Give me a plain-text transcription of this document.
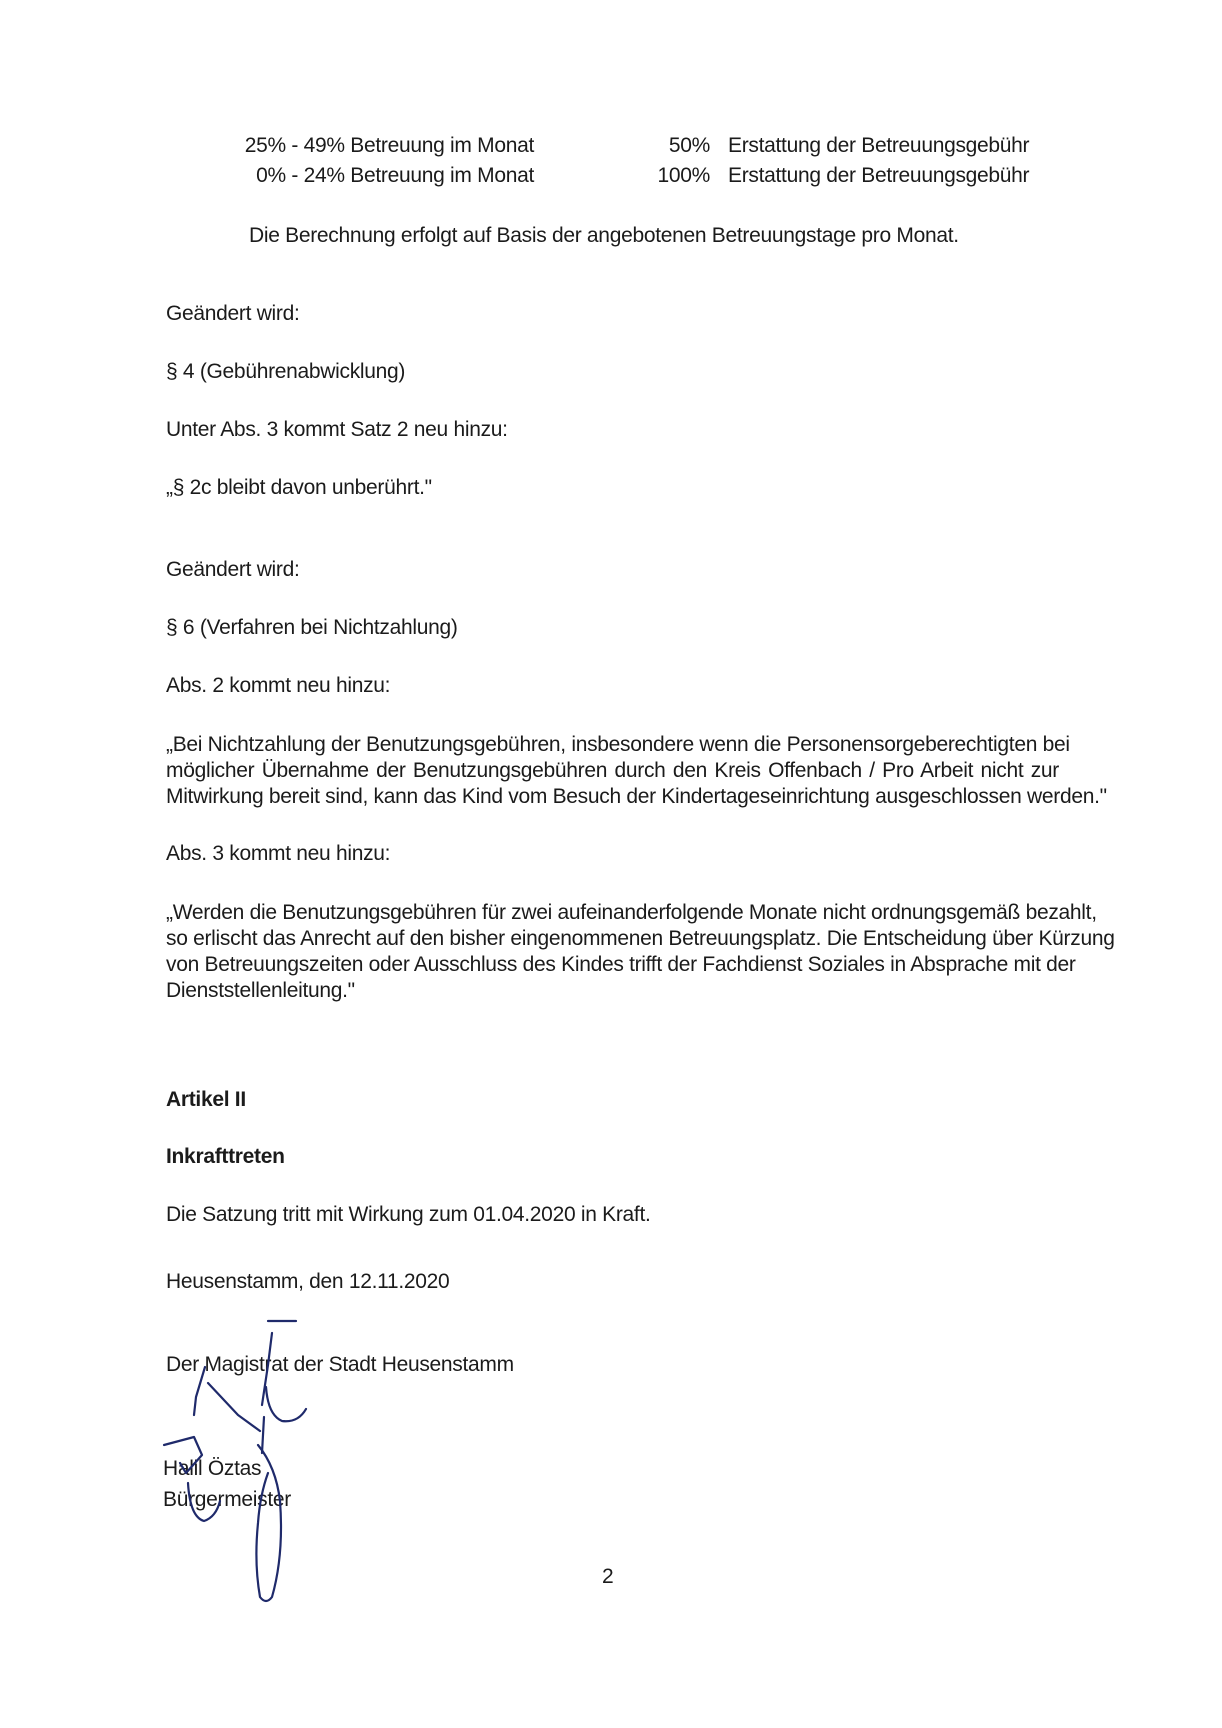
25% - 49% Betreuung im Monat	50% Erstattung der Betreuungsgebühr
0% - 24% Betreuung im Monat	100% Erstattung der Betreuungsgebühr
Die Berechnung erfolgt auf Basis der angebotenen Betreuungstage pro Monat.
Geändert wird:
§ 4 (Gebührenabwicklung)
Unter Abs. 3 kommt Satz 2 neu hinzu:
„§ 2c bleibt davon unberührt."
Geändert wird:
§ 6 (Verfahren bei Nichtzahlung)
Abs. 2 kommt neu hinzu:
„Bei Nichtzahlung der Benutzungsgebühren, insbesondere wenn die Personensorgeberechtigten bei
möglicher Übernahme der Benutzungsgebühren durch den Kreis Offenbach / Pro Arbeit nicht zur
Mitwirkung bereit sind, kann das Kind vom Besuch der Kindertageseinrichtung ausgeschlossen werden."
Abs. 3 kommt neu hinzu:
„Werden die Benutzungsgebühren für zwei aufeinanderfolgende Monate nicht ordnungsgemäß bezahlt,
so erlischt das Anrecht auf den bisher eingenommenen Betreuungsplatz. Die Entscheidung über Kürzung
von Betreuungszeiten oder Ausschluss des Kindes trifft der Fachdienst Soziales in Absprache mit der
Dienststellenleitung."
Artikel II
Inkrafttreten
Die Satzung tritt mit Wirkung zum 01.04.2020 in Kraft.
Heusenstamm, den 12.11.2020
Der Magistrat der Stadt Heusenstamm
Halil Öztas
Bürgermeister
2
